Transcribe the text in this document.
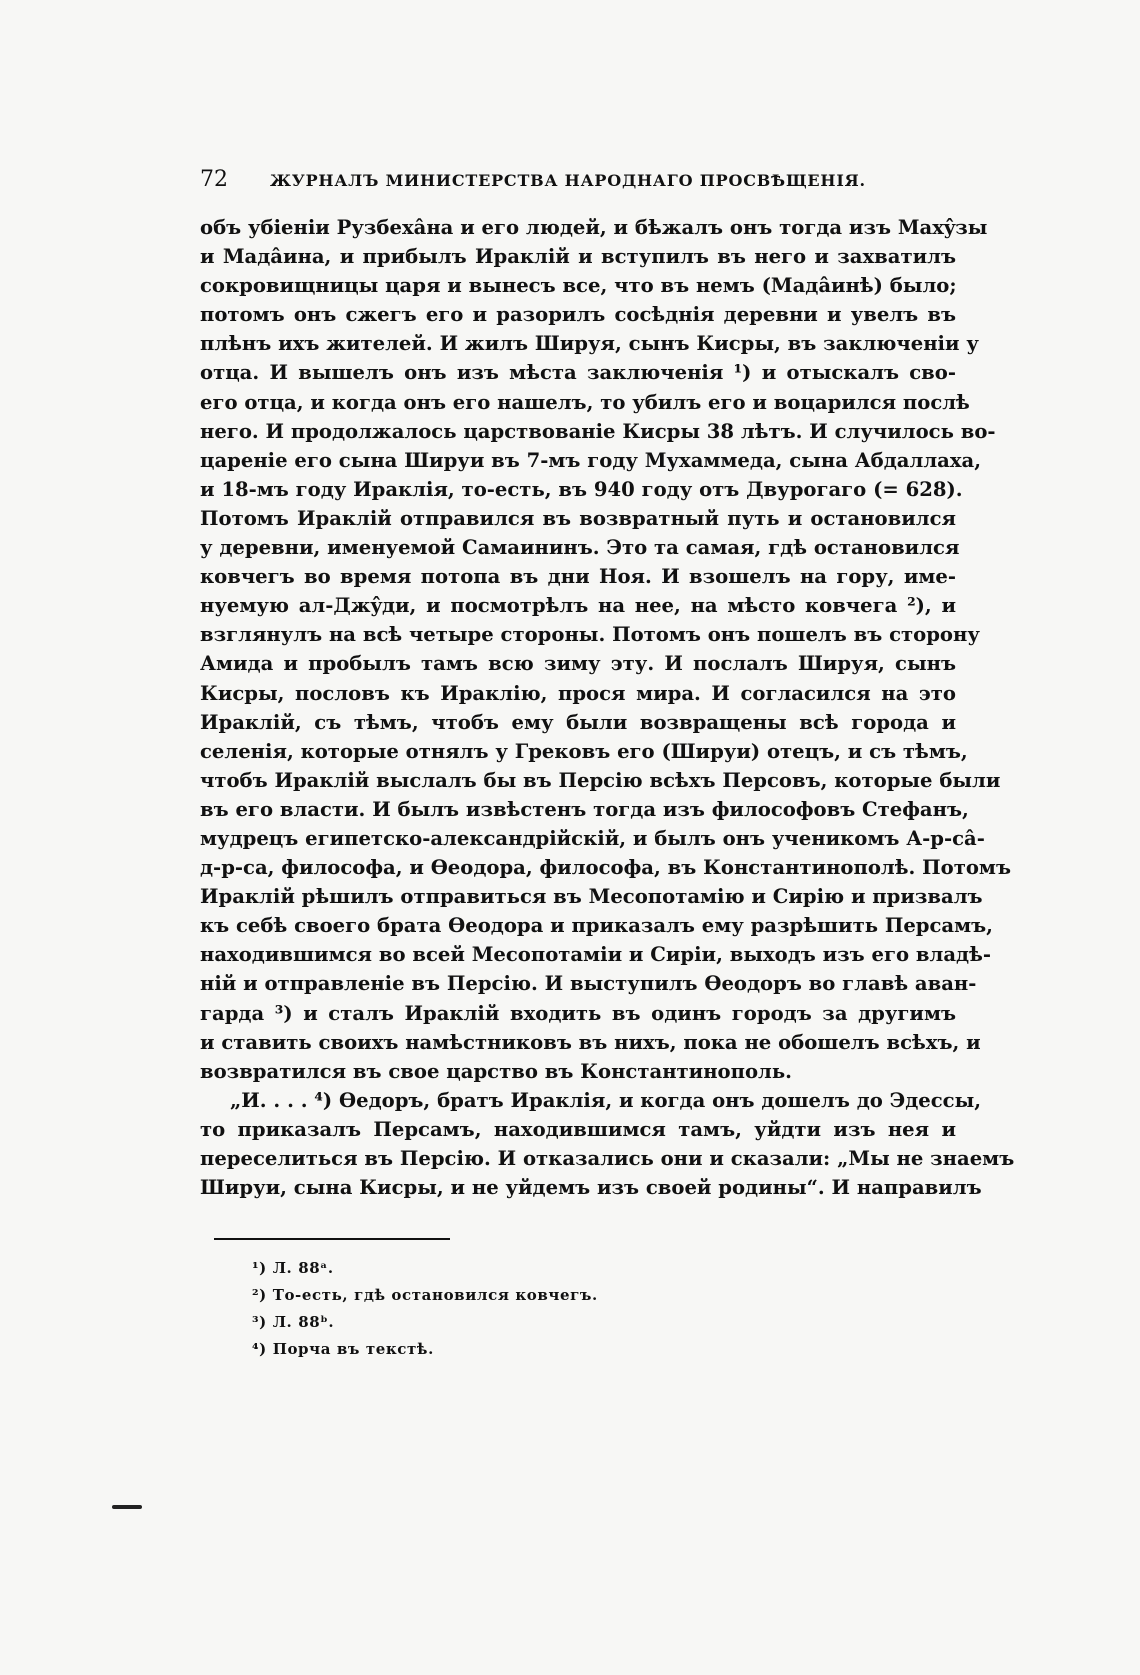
72	ЖУРНАЛЪ МИНИСТЕРСТВА НАРОДНАГО ПРОСВѢЩЕНІЯ.
объ убіеніи Рузбехâна и его людей, и бѣжалъ онъ тогда изъ Махŷзы
и Мадâина, и прибылъ Ираклій и вступилъ въ него и захватилъ
сокровищницы царя и вынесъ все, что въ немъ (Мадâинѣ) было;
потомъ онъ сжегъ его и разорилъ сосѣднія деревни и увелъ въ
плѣнъ ихъ жителей. И жилъ Шируя, сынъ Кисры, въ заключеніи у
отца. И вышелъ онъ изъ мѣста заключенія ¹) и отыскалъ сво-
его отца, и когда онъ его нашелъ, то убилъ его и воцарился послѣ
него. И продолжалось царствованіе Кисры 38 лѣтъ. И случилось во-
цареніе его сына Шируи въ 7-мъ году Мухаммеда, сына Абдаллаха,
и 18-мъ году Ираклія, то-есть, въ 940 году отъ Двурогаго (= 628).
Потомъ Ираклій отправился въ возвратный путь и остановился
у деревни, именуемой Самаининъ. Это та самая, гдѣ остановился
ковчегъ во время потопа въ дни Ноя. И взошелъ на гору, име-
нуемую ал-Джŷди, и посмотрѣлъ на нее, на мѣсто ковчега ²), и
взглянулъ на всѣ четыре стороны. Потомъ онъ пошелъ въ сторону
Амида и пробылъ тамъ всю зиму эту. И послалъ Шируя, сынъ
Кисры, пословъ къ Ираклію, прося мира. И согласился на это
Ираклій, съ тѣмъ, чтобъ ему были возвращены всѣ города и
селенія, которые отнялъ у Грековъ его (Шируи) отецъ, и съ тѣмъ,
чтобъ Ираклій выслалъ бы въ Персію всѣхъ Персовъ, которые были
въ его власти. И былъ извѣстенъ тогда изъ философовъ Стефанъ,
мудрецъ египетско-александрійскій, и былъ онъ ученикомъ А-р-сâ-
д-р-са, философа, и Ѳеодора, философа, въ Константинополѣ. Потомъ
Ираклій рѣшилъ отправиться въ Месопотамію и Сирію и призвалъ
къ себѣ своего брата Ѳеодора и приказалъ ему разрѣшить Персамъ,
находившимся во всей Месопотаміи и Сиріи, выходъ изъ его владѣ-
ній и отправленіе въ Персію. И выступилъ Ѳеодоръ во главѣ аван-
гарда ³) и сталъ Ираклій входить въ одинъ городъ за другимъ
и ставить своихъ намѣстниковъ въ нихъ, пока не обошелъ всѣхъ, и
возвратился въ свое царство въ Константинополь.
„И. . . . ⁴) Ѳедоръ, братъ Ираклія, и когда онъ дошелъ до Эдессы,
то приказалъ Персамъ, находившимся тамъ, уйдти изъ нея и
переселиться въ Персію. И отказались они и сказали: „Мы не знаемъ
Шируи, сына Кисры, и не уйдемъ изъ своей родины“. И направилъ
¹) Л. 88ᵃ.
²) То-есть, гдѣ остановился ковчегъ.
³) Л. 88ᵇ.
⁴) Порча въ текстѣ.
